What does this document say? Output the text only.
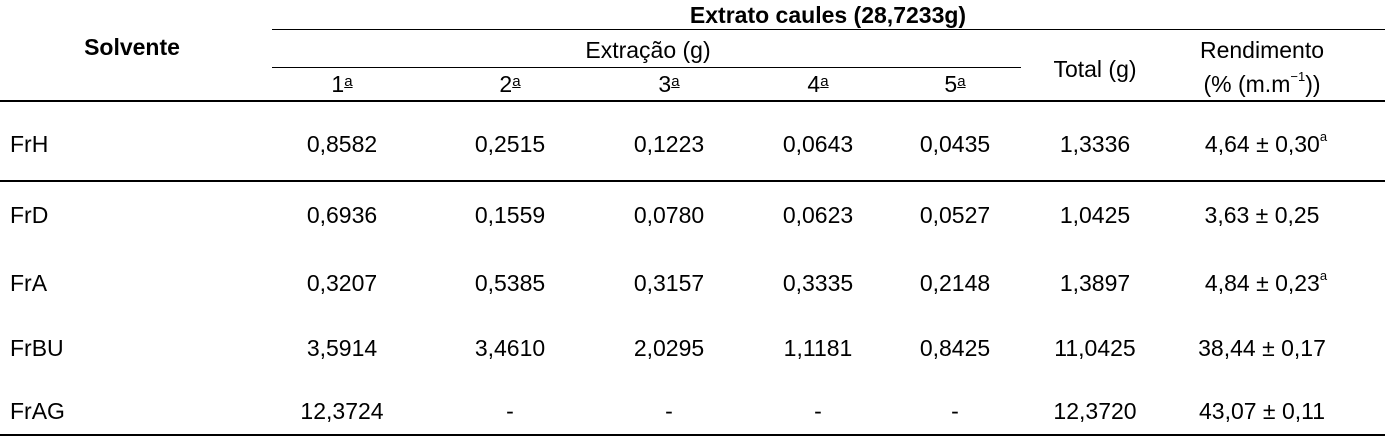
Extrato caules (28,7233g)
Solvente	Extração (g)
1$^a$	2$^a$	3$^a$	4$^a$	5$^a$	Total (g)
Rendimento
(% $(m.m^{-1})$)
FrH	0,8582	0,2515	0,1223	0,0643	0,0435	1,3336	4,64 ± 0,30$^a$
FrD	0,6936	0,1559	0,0780	0,0623	0,0527	1,0425	3,63 ± 0,25
FrA	0,3207	0,5385	0,3157	0,3335	0,2148	1,3897	4,84 ± 0,23$^a$
FrBU	3,5914	3,4610	2,0295	1,1181	0,8425	11,0425	38,44 ± 0,17
FrAG	12,3724	-	-	-	-	12,3720	43,07 ± 0,11
